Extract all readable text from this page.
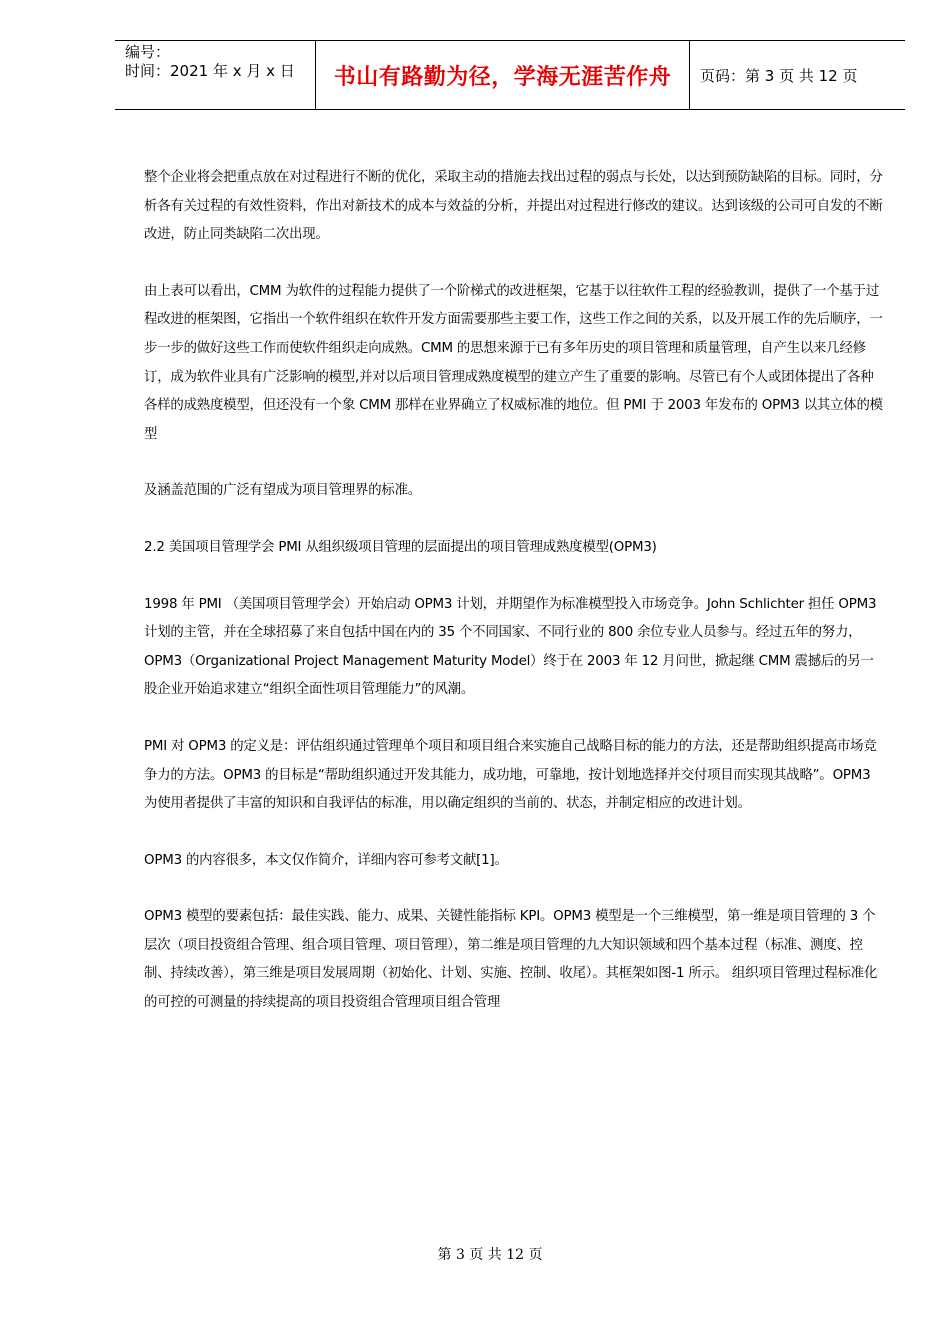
编号：
时间：2021 年 x 月 x 日	书山有路勤为径，学海无涯苦作舟 页码：第 3 页 共 12 页

整个企业将会把重点放在对过程进行不断的优化，采取主动的措施去找出过程的弱点与长处，以达到预防缺陷的目标。同时，分析各有关过程的有效性资料，作出对新技术的成本与效益的分析，并提出对过程进行修改的建议。达到该级的公司可自发的不断改进，防止同类缺陷二次出现。

由上表可以看出，CMM 为软件的过程能力提供了一个阶梯式的改进框架，它基于以往软件工程的经验教训，提供了一个基于过程改进的框架图，它指出一个软件组织在软件开发方面需要那些主要工作，这些工作之间的关系，以及开展工作的先后顺序，一步一步的做好这些工作而使软件组织走向成熟。CMM 的思想来源于已有多年历史的项目管理和质量管理，自产生以来几经修订，成为软件业具有广泛影响的模型,并对以后项目管理成熟度模型的建立产生了重要的影响。尽管已有个人或团体提出了各种各样的成熟度模型，但还没有一个象 CMM 那样在业界确立了权威标准的地位。但 PMI 于 2003 年发布的 OPM3 以其立体的模型

及涵盖范围的广泛有望成为项目管理界的标准。

2.2 美国项目管理学会 PMI 从组织级项目管理的层面提出的项目管理成熟度模型(OPM3)

1998 年 PMI （美国项目管理学会）开始启动 OPM3 计划，并期望作为标准模型投入市场竞争。John Schlichter 担任 OPM3 计划的主管，并在全球招募了来自包括中国在内的 35 个不同国家、不同行业的 800 余位专业人员参与。经过五年的努力，OPM3（Organizational Project Management Maturity Model）终于在 2003 年 12 月问世，掀起继 CMM 震撼后的另一股企业开始追求建立“组织全面性项目管理能力”的风潮。

PMI 对 OPM3 的定义是：评估组织通过管理单个项目和项目组合来实施自己战略目标的能力的方法，还是帮助组织提高市场竞争力的方法。OPM3 的目标是“帮助组织通过开发其能力，成功地，可靠地，按计划地选择并交付项目而实现其战略”。OPM3 为使用者提供了丰富的知识和自我评估的标准，用以确定组织的当前的、状态，并制定相应的改进计划。

OPM3 的内容很多，本文仅作简介，详细内容可参考文献[1]。

OPM3 模型的要素包括：最佳实践、能力、成果、关键性能指标 KPI。OPM3 模型是一个三维模型，第一维是项目管理的 3 个层次（项目投资组合管理、组合项目管理、项目管理），第二维是项目管理的九大知识领域和四个基本过程（标准、测度、控制、持续改善），第三维是项目发展周期（初始化、计划、实施、控制、收尾）。其框架如图-1 所示。 组织项目管理过程标准化的可控的可测量的持续提高的项目投资组合管理项目组合管理

第 3 页 共 12 页
